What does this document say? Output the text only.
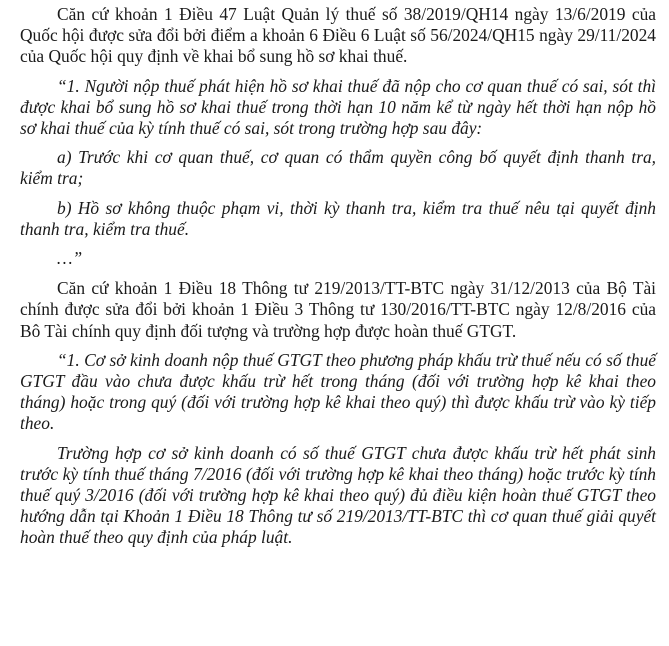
Căn cứ khoản 1 Điều 47 Luật Quản lý thuế số 38/2019/QH14 ngày 13/6/2019 của Quốc hội được sửa đổi bởi điểm a khoản 6 Điều 6 Luật số 56/2024/QH15 ngày 29/11/2024 của Quốc hội quy định về khai bổ sung hồ sơ khai thuế.

“1. Người nộp thuế phát hiện hồ sơ khai thuế đã nộp cho cơ quan thuế có sai, sót thì được khai bổ sung hồ sơ khai thuế trong thời hạn 10 năm kể từ ngày hết thời hạn nộp hồ sơ khai thuế của kỳ tính thuế có sai, sót trong trường hợp sau đây:

a) Trước khi cơ quan thuế, cơ quan có thẩm quyền công bố quyết định thanh tra, kiểm tra;

b) Hồ sơ không thuộc phạm vi, thời kỳ thanh tra, kiểm tra thuế nêu tại quyết định thanh tra, kiểm tra thuế.

…”

Căn cứ khoản 1 Điều 18 Thông tư 219/2013/TT-BTC ngày 31/12/2013 của Bộ Tài chính được sửa đổi bởi khoản 1 Điều 3 Thông tư 130/2016/TT-BTC ngày 12/8/2016 của Bô Tài chính quy định đối tượng và trường hợp được hoàn thuế GTGT.

“1. Cơ sở kinh doanh nộp thuế GTGT theo phương pháp khấu trừ thuế nếu có số thuế GTGT đầu vào chưa được khấu trừ hết trong tháng (đối với trường hợp kê khai theo tháng) hoặc trong quý (đối với trường hợp kê khai theo quý) thì được khấu trừ vào kỳ tiếp theo.

Trường hợp cơ sở kinh doanh có số thuế GTGT chưa được khấu trừ hết phát sinh trước kỳ tính thuế tháng 7/2016 (đối với trường hợp kê khai theo tháng) hoặc trước kỳ tính thuế quý 3/2016 (đối với trường hợp kê khai theo quý) đủ điều kiện hoàn thuế GTGT theo hướng dẫn tại Khoản 1 Điều 18 Thông tư số 219/2013/TT-BTC thì cơ quan thuế giải quyết hoàn thuế theo quy định của pháp luật.
